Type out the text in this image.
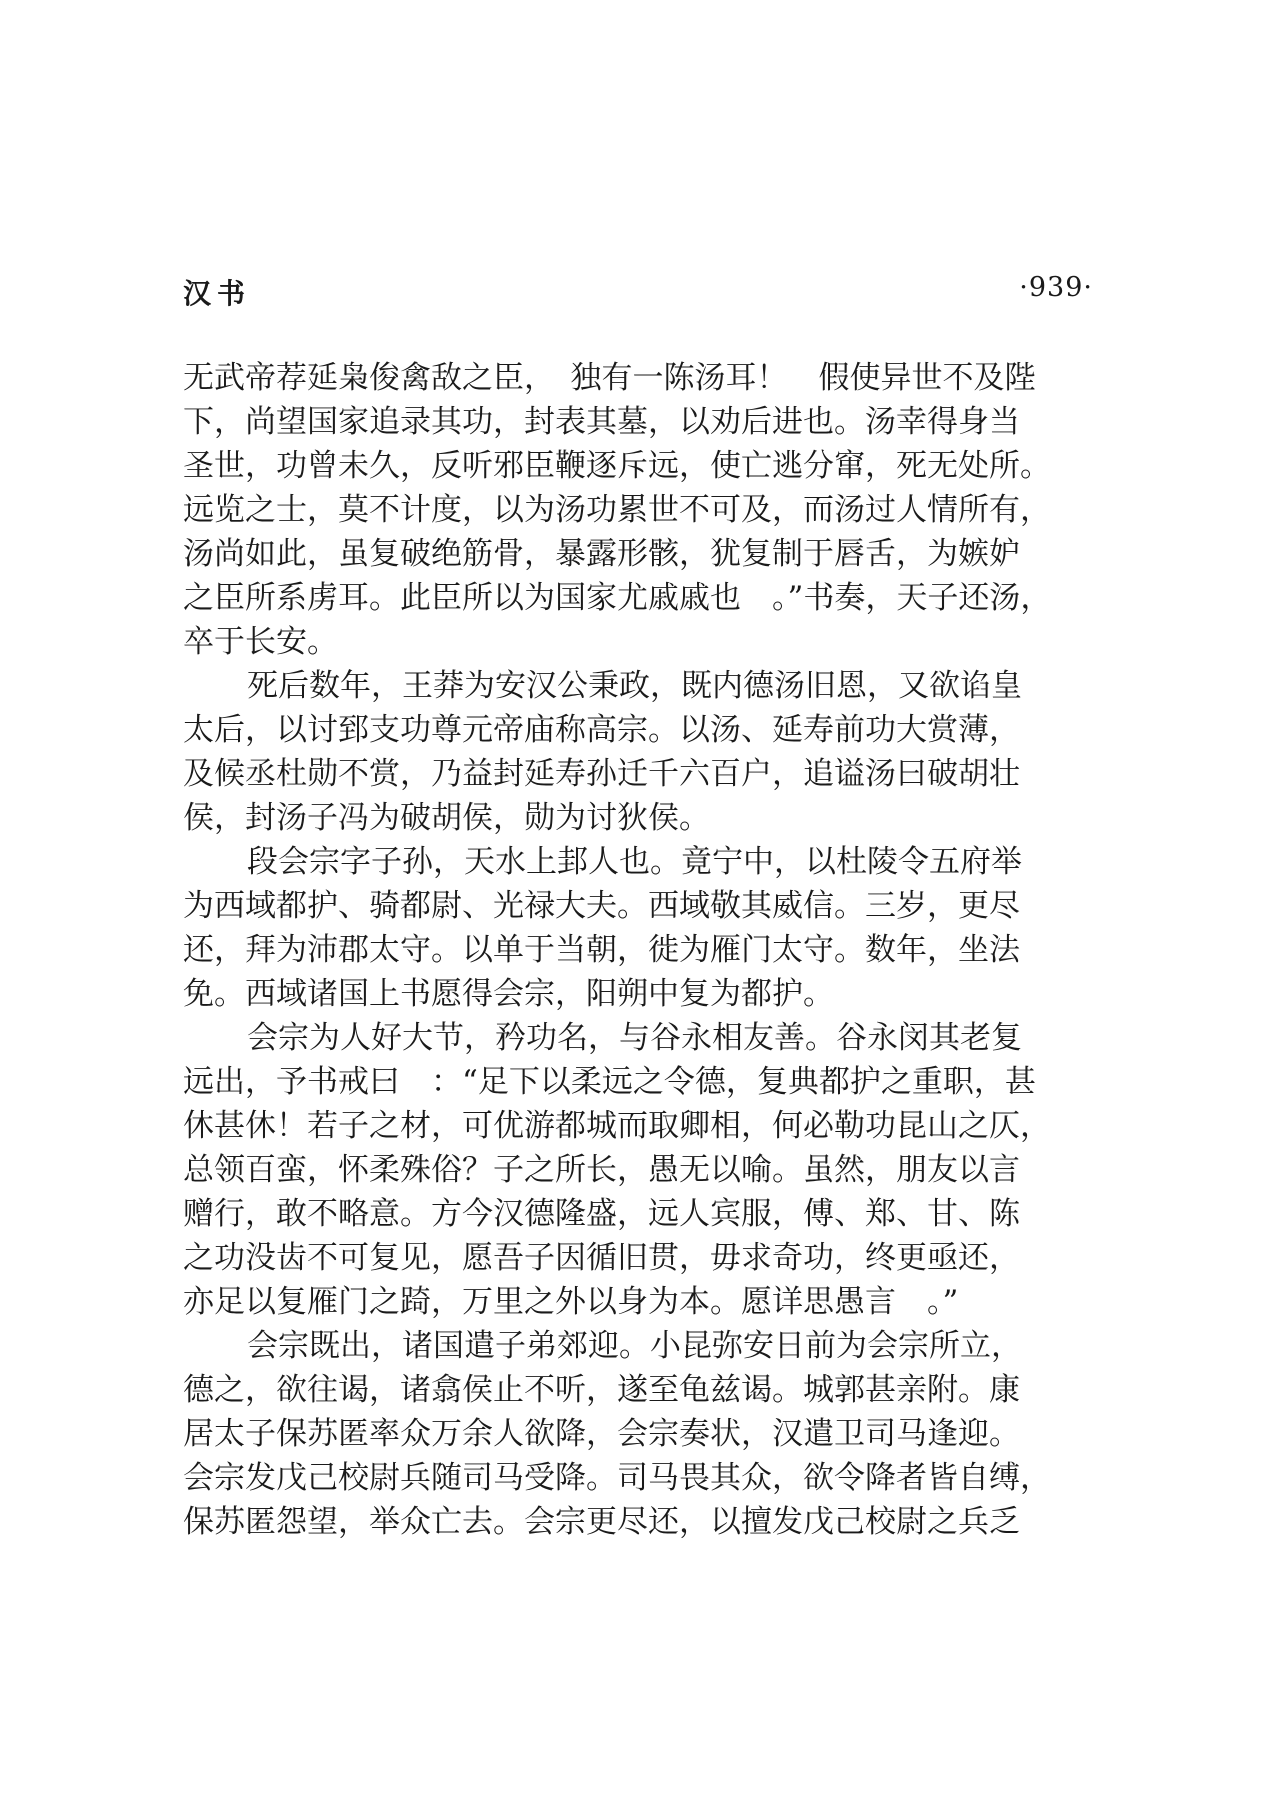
汉书	·939·
无武帝荐延枭俊禽敌之臣，　独有一陈汤耳！　假使异世不及陛
下，尚望国家追录其功，封表其墓，以劝后进也。汤幸得身当
圣世，功曾未久，反听邪臣鞭逐斥远，使亡逃分窜，死无处所。
远览之士，莫不计度，以为汤功累世不可及，而汤过人情所有，
汤尚如此，虽复破绝筋骨，暴露形骸，犹复制于唇舌，为嫉妒
之臣所系虏耳。此臣所以为国家尤戚戚也　。”书奏，天子还汤，
卒于长安。
死后数年，王莽为安汉公秉政，既内德汤旧恩，又欲谄皇
太后，以讨郅支功尊元帝庙称高宗。以汤、延寿前功大赏薄，
及候丞杜勋不赏，乃益封延寿孙迁千六百户，追谥汤曰破胡壮
侯，封汤子冯为破胡侯，勋为讨狄侯。
段会宗字子孙，天水上邽人也。竟宁中，以杜陵令五府举
为西域都护、骑都尉、光禄大夫。西域敬其威信。三岁，更尽
还，拜为沛郡太守。以单于当朝，徙为雁门太守。数年，坐法
免。西域诸国上书愿得会宗，阳朔中复为都护。
会宗为人好大节，矜功名，与谷永相友善。谷永闵其老复
远出，予书戒曰　：“足下以柔远之令德，复典都护之重职，甚
休甚休！若子之材，可优游都城而取卿相，何必勒功昆山之仄，
总领百蛮，怀柔殊俗？子之所长，愚无以喻。虽然，朋友以言
赠行，敢不略意。方今汉德隆盛，远人宾服，傅、郑、甘、陈
之功没齿不可复见，愿吾子因循旧贯，毋求奇功，终更亟还，
亦足以复雁门之踦，万里之外以身为本。愿详思愚言　。”
会宗既出，诸国遣子弟郊迎。小昆弥安日前为会宗所立，
德之，欲往谒，诸翕侯止不听，遂至龟兹谒。城郭甚亲附。康
居太子保苏匿率众万余人欲降，会宗奏状，汉遣卫司马逢迎。
会宗发戊己校尉兵随司马受降。司马畏其众，欲令降者皆自缚，
保苏匿怨望，举众亡去。会宗更尽还，以擅发戊己校尉之兵乏
